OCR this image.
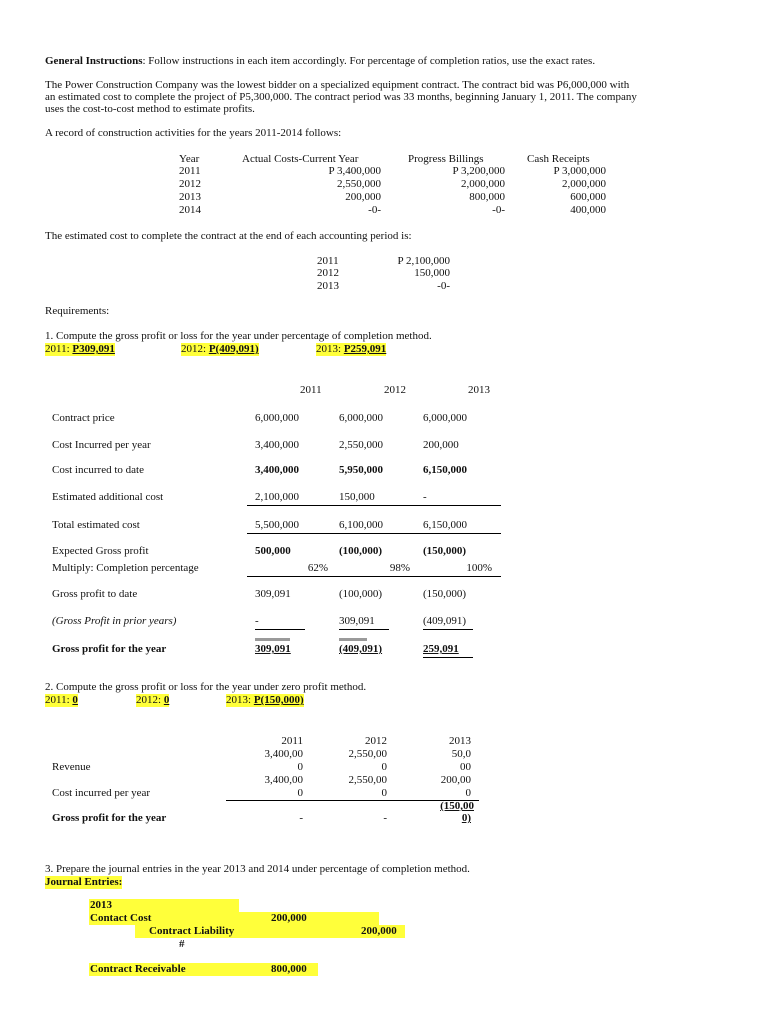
General Instructions: Follow instructions in each item accordingly. For percentage of completion ratios, use the exact rates.
The Power Construction Company was the lowest bidder on a specialized equipment contract. The contract bid was P6,000,000 with
an estimated cost to complete the project of P5,300,000. The contract period was 33 months, beginning January 1, 2011. The company
uses the cost-to-cost method to estimate profits.
A record of construction activities for the years 2011-2014 follows:
Year	Actual Costs-Current Year	Progress Billings	Cash Receipts
2011	P 3,400,000	P 3,200,000	P 3,000,000
2012	2,550,000	2,000,000	2,000,000
2013	200,000	800,000	600,000
2014	-0-	-0-	400,000
The estimated cost to complete the contract at the end of each accounting period is:
2011	P 2,100,000
2012	150,000
2013	-0-
Requirements:
1. Compute the gross profit or loss for the year under percentage of completion method.
2011: P309,091	2012: P(409,091)	2013: P259,091
2011	2012	2013
Contract price	6,000,000	6,000,000	6,000,000
Cost Incurred per year	3,400,000	2,550,000	200,000
Cost incurred to date	3,400,000	5,950,000	6,150,000
Estimated additional cost	2,100,000	150,000	-
Total estimated cost	5,500,000	6,100,000	6,150,000
Expected Gross profit	500,000	(100,000)	(150,000)
Multiply: Completion percentage	62%	98%	100%
Gross profit to date	309,091	(100,000)	(150,000)
(Gross Profit in prior years)	-	309,091	(409,091)
Gross profit for the year	309,091	(409,091)	259,091
2. Compute the gross profit or loss for the year under zero profit method.
2011: 0	2012: 0	2013: P(150,000)
2011	2012	2013
3,400,00	2,550,00	50,0
Revenue	0	0	00
3,400,00	2,550,00	200,00
Cost incurred per year	0	0	0
(150,00
Gross profit for the year	-	-	0)
3. Prepare the journal entries in the year 2013 and 2014 under percentage of completion method.
Journal Entries:
2013
Contact Cost	200,000
Contract Liability	200,000
#
Contract Receivable	800,000
